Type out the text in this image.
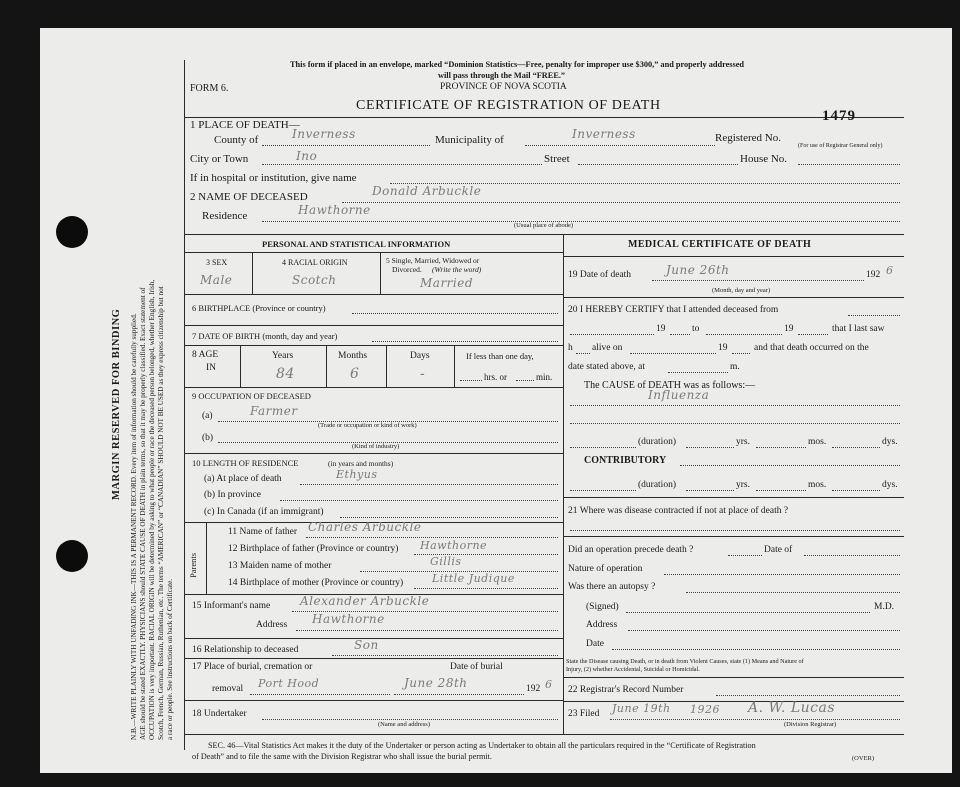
MARGIN RESERVED FOR BINDING N.B.—WRITE PLAINLY WITH UNFADING INK—THIS IS A PERMANENT RECORD. Every item of information should be carefully supplied. AGE should be stated EXACTLY. PHYSICIANS should STATE CAUSE OF DEATH in plain terms, so that it may be properly classified. Exact statement of OCCUPATION is very important. RACIAL ORIGIN will be determined by asking to what people or race the deceased person belonged, whether English, Irish, Scotch, French, German, Russian, Ruthenian, etc. The terms “AMERICAN” or “CANADIAN” SHOULD NOT BE USED as they express citizenship but not a race or people. See instructions on back of Certificate.
This form if placed in an envelope, marked “Dominion Statistics—Free, penalty for improper use $300,” and properly addressed
will pass through the Mail “FREE.”
PROVINCE OF NOVA SCOTIA
FORM 6.
CERTIFICATE OF REGISTRATION OF DEATH
1479
1 PLACE OF DEATH—
County of	Inverness	Municipality of	Inverness	Registered No.
(For use of Registrar General only)
City or Town	Ino	Street	House No.
If in hospital or institution, give name
2 NAME OF DECEASED	Donald Arbuckle
Residence	Hawthorne
(Usual place of abode)
PERSONAL AND STATISTICAL INFORMATION
3 SEX
Male
4 RACIAL ORIGIN
Scotch
5 Single, Married, Widowed or
Divorced. (Write the word)
Married
6 BIRTHPLACE (Province or country)
7 DATE OF BIRTH (month, day and year)
8 AGE
IN
Years	Months	Days	If less than one day,
84	6	-	hrs. or	min.
9 OCCUPATION OF DECEASED
(a)	Farmer
(Trade or occupation or kind of work)
(b)
(Kind of industry)
10 LENGTH OF RESIDENCE	(in years and months)
(a) At place of death	Ethyus
(b) In province
(c) In Canada (if an immigrant)
Parents
11 Name of father Charles Arbuckle
12 Birthplace of father (Province or country) Hawthorne
13 Maiden name of mother	Gillis
14 Birthplace of mother (Province or country)	Little Judique
15 Informant's name Alexander Arbuckle
Address Hawthorne
16 Relationship to deceased	Son
17 Place of burial, cremation or	Date of burial
removal Port Hood	June 28th	192 6
18 Undertaker
(Name and address)
MEDICAL CERTIFICATE OF DEATH
19 Date of death	June 26th	192 6
(Month, day and year)
20 I HEREBY CERTIFY that I attended deceased from
19	to	19	that I last saw
h alive on	19	and that death occurred on the
date stated above, at	m.
The CAUSE of DEATH was as follows:—
Influenza
(duration)	yrs.	mos.	dys.
CONTRIBUTORY
(duration)	yrs.	mos.	dys.
21 Where was disease contracted if not at place of death ?
Did an operation precede death ?	Date of
Nature of operation
Was there an autopsy ?
(Signed)	M.D.
Address
Date
State the Disease causing Death, or in death from Violent Causes, state (1) Means and Nature of
Injury, (2) whether Accidental, Suicidal or Homicidal.
22 Registrar's Record Number
23 Filed June 19th 1926 A. W. Lucas
(Division Registrar)
SEC. 46—Vital Statistics Act makes it the duty of the Undertaker or person acting as Undertaker to obtain all the particulars required in the “Certificate of Registration
of Death” and to file the same with the Division Registrar who shall issue the burial permit.	(OVER)
